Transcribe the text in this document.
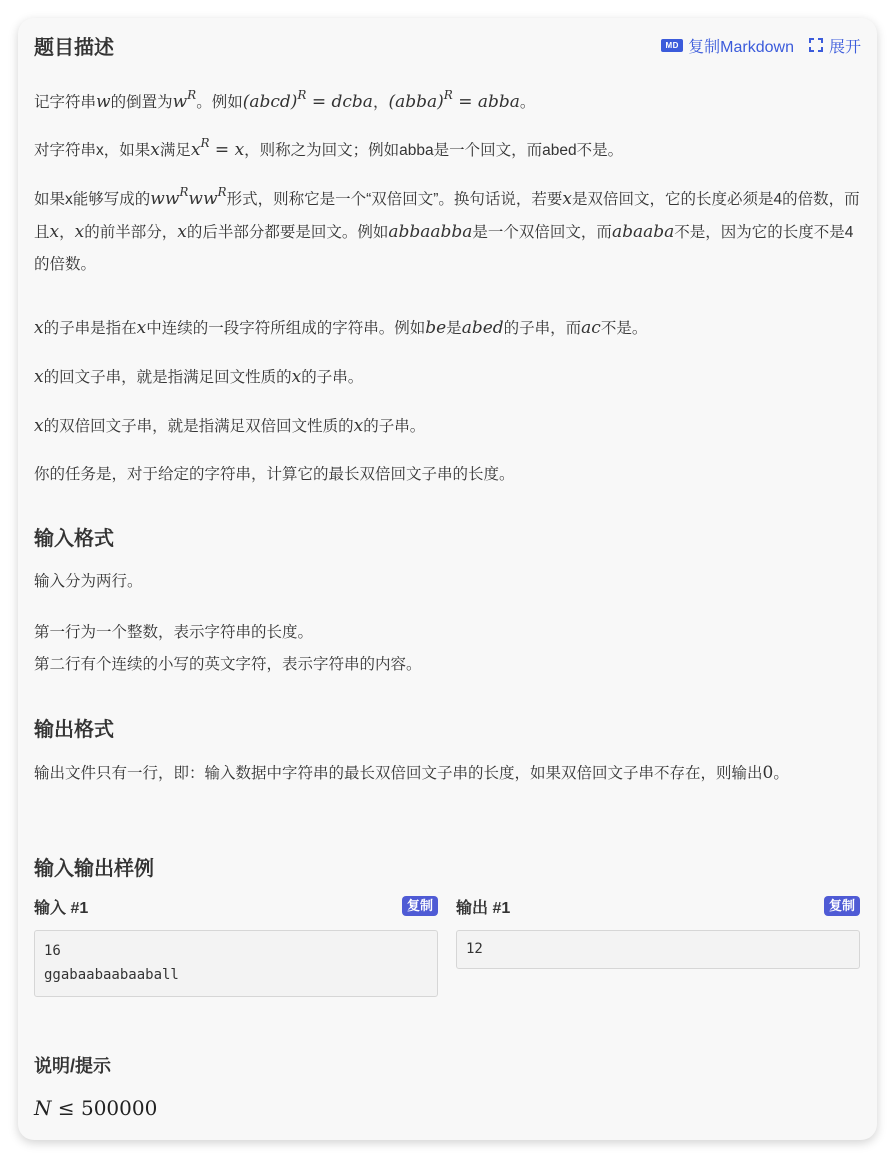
题目描述	MD 复制Markdown 展开

记字符串w的倒置为$w^R$。例如(abcd)$^R$ = dcba，(abba)$^R$ = abba。

对字符串x，如果x满足$x^R = x$，则称之为回文；例如abba是一个回文，而abed不是。

如果x能够写成的$ww^Rww^R$形式，则称它是一个“双倍回文”。换句话说，若要x是双倍回文，它的长度必须是4的倍数，而且x，x的前半部分，x的后半部分都要是回文。例如abbaabba是一个双倍回文，而abaaba不是，因为它的长度不是4的倍数。

x的子串是指在x中连续的一段字符所组成的字符串。例如be是abed的子串，而ac不是。

x的回文子串，就是指满足回文性质的x的子串。

x的双倍回文子串，就是指满足双倍回文性质的x的子串。

你的任务是，对于给定的字符串，计算它的最长双倍回文子串的长度。

输入格式

输入分为两行。

第一行为一个整数，表示字符串的长度。

第二行有个连续的小写的英文字符，表示字符串的内容。

输出格式

输出文件只有一行，即：输入数据中字符串的最长双倍回文子串的长度，如果双倍回文子串不存在，则输出0。

输入输出样例
输入 #1	复制
16
ggabaabaabaaball
输出 #1	复制
12
说明/提示
N ≤ 500000
